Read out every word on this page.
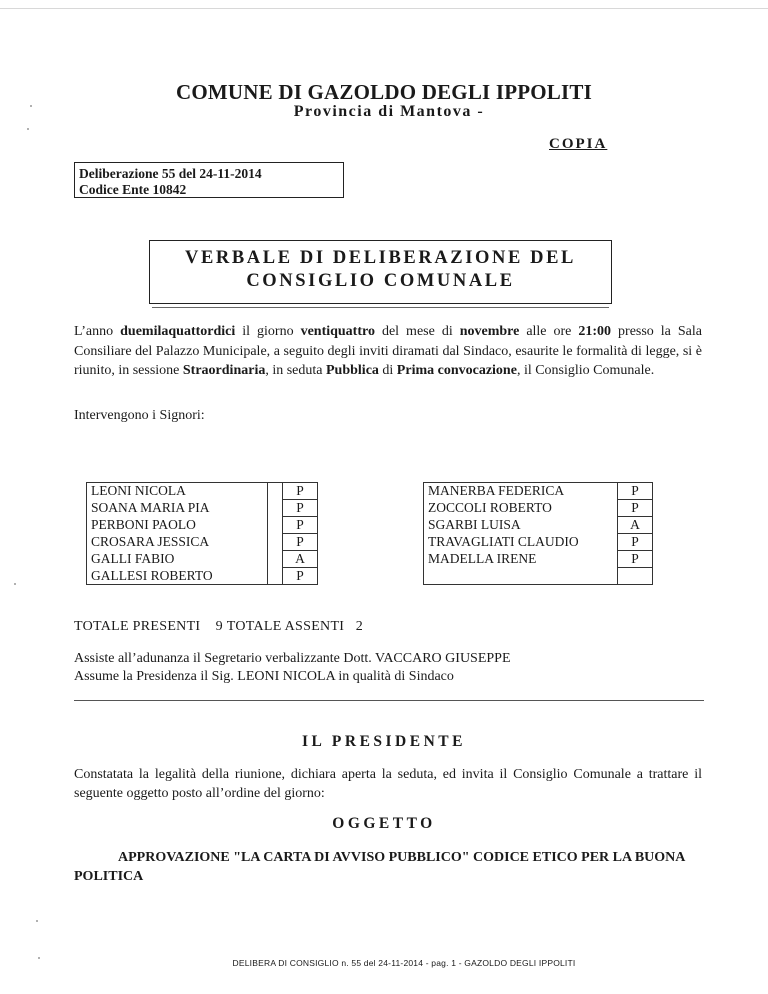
COMUNE DI GAZOLDO DEGLI IPPOLITI
Provincia di Mantova -
COPIA
Deliberazione 55 del 24-11-2014
Codice Ente 10842
VERBALE DI DELIBERAZIONE DEL
CONSIGLIO COMUNALE
L’anno duemilaquattordici il giorno ventiquattro del mese di novembre alle ore 21:00 presso la Sala Consiliare del Palazzo Municipale, a seguito degli inviti diramati dal Sindaco, esaurite le formalità di legge, si è riunito, in sessione Straordinaria, in seduta Pubblica di Prima convocazione, il Consiglio Comunale.
Intervengono i Signori:
LEONI NICOLA		P
SOANA MARIA PIA		P
PERBONI PAOLO		P
CROSARA JESSICA		P
GALLI FABIO		A
GALLESI ROBERTO		P
MANERBA FEDERICA	P
ZOCCOLI ROBERTO	P
SGARBI LUISA	A
TRAVAGLIATI CLAUDIO	P
MADELLA IRENE	P

TOTALE PRESENTI 9 TOTALE ASSENTI 2
Assiste all’adunanza il Segretario verbalizzante Dott. VACCARO GIUSEPPE
Assume la Presidenza il Sig. LEONI NICOLA in qualità di Sindaco
IL PRESIDENTE
Constatata la legalità della riunione, dichiara aperta la seduta, ed invita il Consiglio Comunale a trattare il seguente oggetto posto all’ordine del giorno:
OGGETTO
APPROVAZIONE "LA CARTA DI AVVISO PUBBLICO" CODICE ETICO PER LA BUONA POLITICA
DELIBERA DI CONSIGLIO n. 55 del 24-11-2014 - pag. 1 - GAZOLDO DEGLI IPPOLITI
